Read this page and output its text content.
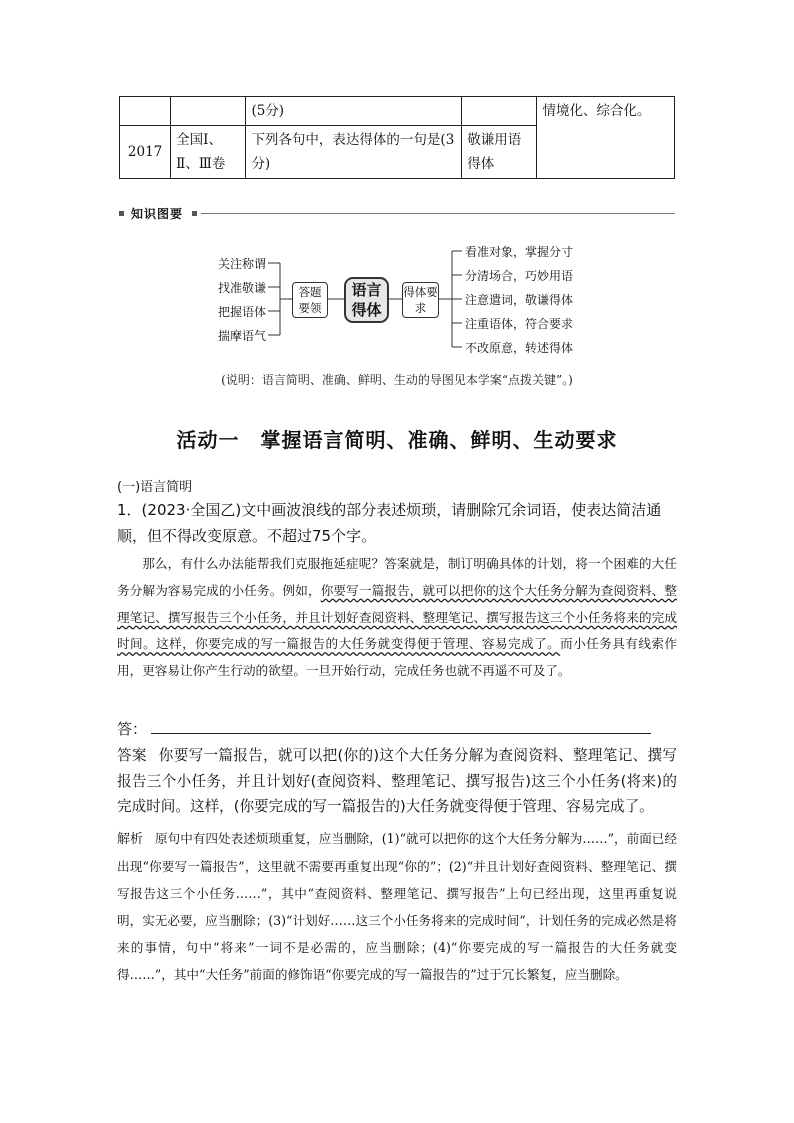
		(5分)		情境化、综合化。
2017	全国Ⅰ、Ⅱ、Ⅲ卷	下列各句中，表达得体的一句是(3分)	敬谦用语得体	
知识图要
关注称谓
找准敬谦
把握语体
揣摩语气
答题要领
语言得体
得体要求
看准对象，掌握分寸
分清场合，巧妙用语
注意遣词，敬谦得体
注重语体，符合要求
不改原意，转述得体
(说明：语言简明、准确、鲜明、生动的导图见本学案“点拨关键”。)
活动一　掌握语言简明、准确、鲜明、生动要求
(一)语言简明
1．(2023·全国乙)文中画波浪线的部分表述烦琐，请删除冗余词语，使表达简洁通顺，但不得改变原意。不超过75个字。
那么，有什么办法能帮我们克服拖延症呢？答案就是，制订明确具体的计划，将一个困难的大任务分解为容易完成的小任务。例如，你要写一篇报告，就可以把你的这个大任务分解为查阅资料、整理笔记、撰写报告三个小任务，并且计划好查阅资料、整理笔记、撰写报告这三个小任务将来的完成时间。这样，你要完成的写一篇报告的大任务就变得便于管理、容易完成了。而小任务具有线索作用，更容易让你产生行动的欲望。一旦开始行动，完成任务也就不再遥不可及了。
答：
答案 你要写一篇报告，就可以把(你的)这个大任务分解为查阅资料、整理笔记、撰写报告三个小任务，并且计划好(查阅资料、整理笔记、撰写报告)这三个小任务(将来)的完成时间。这样，(你要完成的写一篇报告的)大任务就变得便于管理、容易完成了。
解析 原句中有四处表述烦琐重复，应当删除，(1)“就可以把你的这个大任务分解为……”，前面已经出现“你要写一篇报告”，这里就不需要再重复出现“你的”；(2)“并且计划好查阅资料、整理笔记、撰写报告这三个小任务……”，其中“查阅资料、整理笔记、撰写报告”上句已经出现，这里再重复说明，实无必要，应当删除；(3)“计划好……这三个小任务将来的完成时间”，计划任务的完成必然是将来的事情，句中“将来”一词不是必需的，应当删除；(4)“你要完成的写一篇报告的大任务就变得……”，其中“大任务”前面的修饰语“你要完成的写一篇报告的”过于冗长繁复，应当删除。
